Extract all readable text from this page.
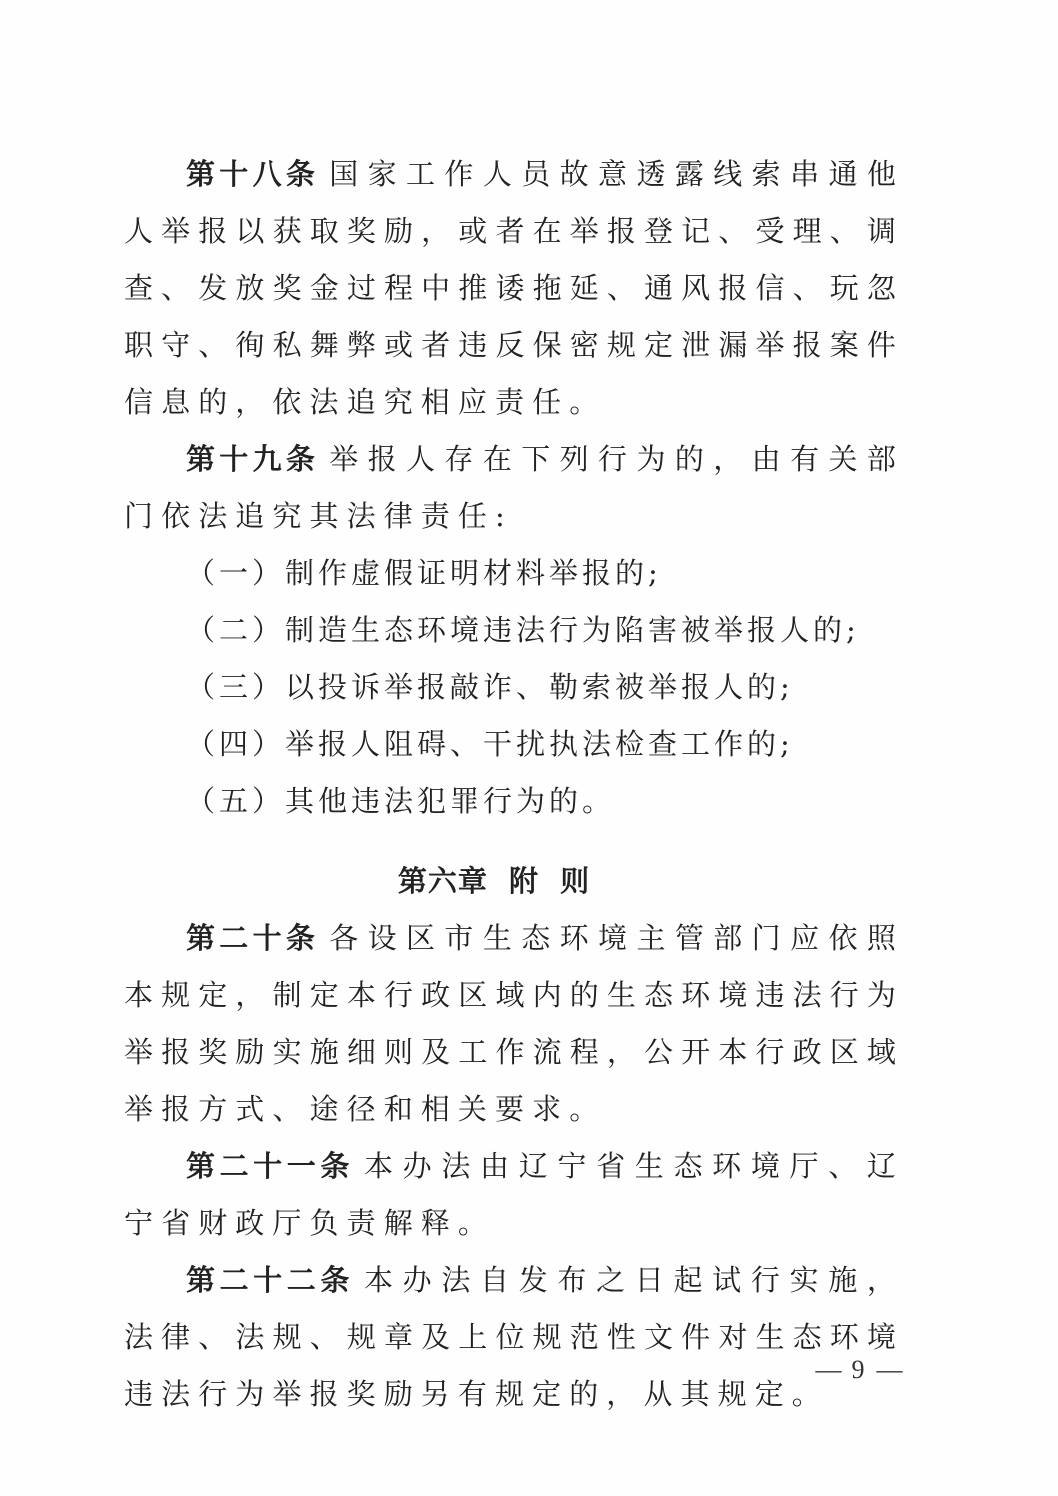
第十八条 国家工作人员故意透露线索串通他人举报以获取奖励，或者在举报登记、受理、调查、发放奖金过程中推诿拖延、通风报信、玩忽职守、徇私舞弊或者违反保密规定泄漏举报案件信息的，依法追究相应责任。

第十九条 举报人存在下列行为的，由有关部门依法追究其法律责任:

（一）制作虚假证明材料举报的;

（二）制造生态环境违法行为陷害被举报人的;

（三）以投诉举报敲诈、勒索被举报人的;

（四）举报人阻碍、干扰执法检查工作的;

（五）其他违法犯罪行为的。

第六章 附 则

第二十条 各设区市生态环境主管部门应依照本规定，制定本行政区域内的生态环境违法行为举报奖励实施细则及工作流程，公开本行政区域举报方式、途径和相关要求。

第二十一条 本办法由辽宁省生态环境厅、辽宁省财政厅负责解释。

第二十二条 本办法自发布之日起试行实施，法律、法规、规章及上位规范性文件对生态环境违法行为举报奖励另有规定的，从其规定。

— 9 —
